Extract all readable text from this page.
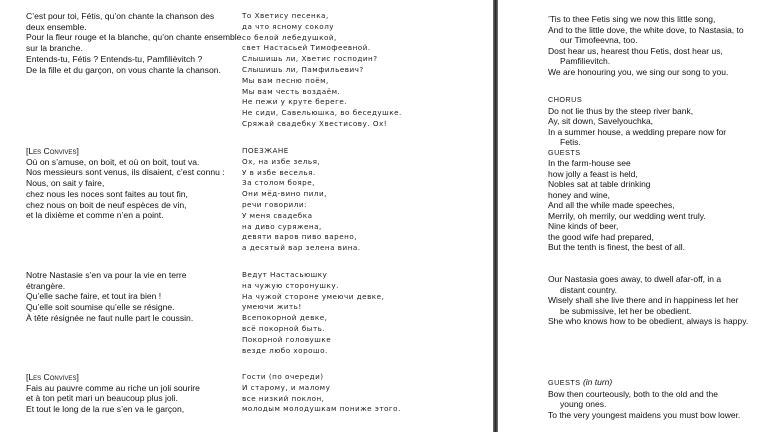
C’est pour toi, Fétis, qu’on chante la chanson des
deux ensemble.
Pour la fleur rouge et la blanche, qu’on chante ensemble
sur la branche.
Entends-tu, Fétis ? Entends-tu, Pamfilièvitch ?
De la fille et du garçon, on vous chante la chanson.
[Les Convives]
Où on s’amuse, on boit, et où on boit, tout va.
Nos messieurs sont venus, ils disaient, c’est connu :
Nous, on sait y faire,
chez nous les noces sont faites au tout fin,
chez nous on boit de neuf espèces de vin,
et la dixième et comme n’en a point.
Notre Nastasie s’en va pour la vie en terre
étrangère.
Qu’elle sache faire, et tout ira bien !
Qu’elle soit soumise qu’elle se résigne.
À tête résignée ne faut nulle part le coussin.
[Les Convives]
Fais au pauvre comme au riche un joli sourire
et à ton petit mari un beaucoup plus joli.
Et tout le long de la rue s’en va le garçon,
То Хветису песенка,
да что ясному соколу
со белой лебедушкой,
свет Настасьей Тимофеевной.
Слышишь ли, Хветис господин?
Слышишь ли, Памфильевич?
Мы вам песню поём,
Мы вам честь воздаём.
Не пежи у круте береге.
Не сиди, Савельюшка, во беседушке.
Сряжай свадебку Хвестисову. Ох!
ПОЕЗЖАНЕ
Ох, на избе зелья,
У в избе веселья.
За столом бояре,
Они мёд-вино пили,
речи говорили:
У меня свадебка
на диво суряжена,
девяти варов пиво варено,
а десятый вар зелена вина.
Ведут Настасьюшку
на чужую сторонушку.
На чужой стороне умеючи девке,
умеючи жить!
Всепокорной девке,
всё покорной быть.
Покорной головушке
везде любо хорошо.
Гости (по очереди)
И старому, и малому
все низкий поклон,
молодым молодушкам пониже этого.
’Tis to thee Fetis sing we now this little song,
And to the little dove, the white dove, to Nastasia, to
our Timofeevna, too.
Dost hear us, hearest thou Fetis, dost hear us,
Pamfilievitch.
We are honouring you, we sing our song to you.
CHORUS
Do not lie thus by the steep river bank,
Ay, sit down, Savelyouchka,
In a summer house, a wedding prepare now for
Fetis.
GUESTS
In the farm-house see
how jolly a feast is held,
Nobles sat at table drinking
honey and wine,
And all the while made speeches,
Merrily, oh merrily, our wedding went truly.
Nine kinds of beer,
the good wife had prepared,
But the tenth is finest, the best of all.
Our Nastasia goes away, to dwell afar-off, in a
distant country.
Wisely shall she live there and in happiness let her
be submissive, let her be obedient.
She who knows how to be obedient, always is happy.
GUESTS (in turn)
Bow then courteously, both to the old and the
young ones.
To the very youngest maidens you must bow lower.
